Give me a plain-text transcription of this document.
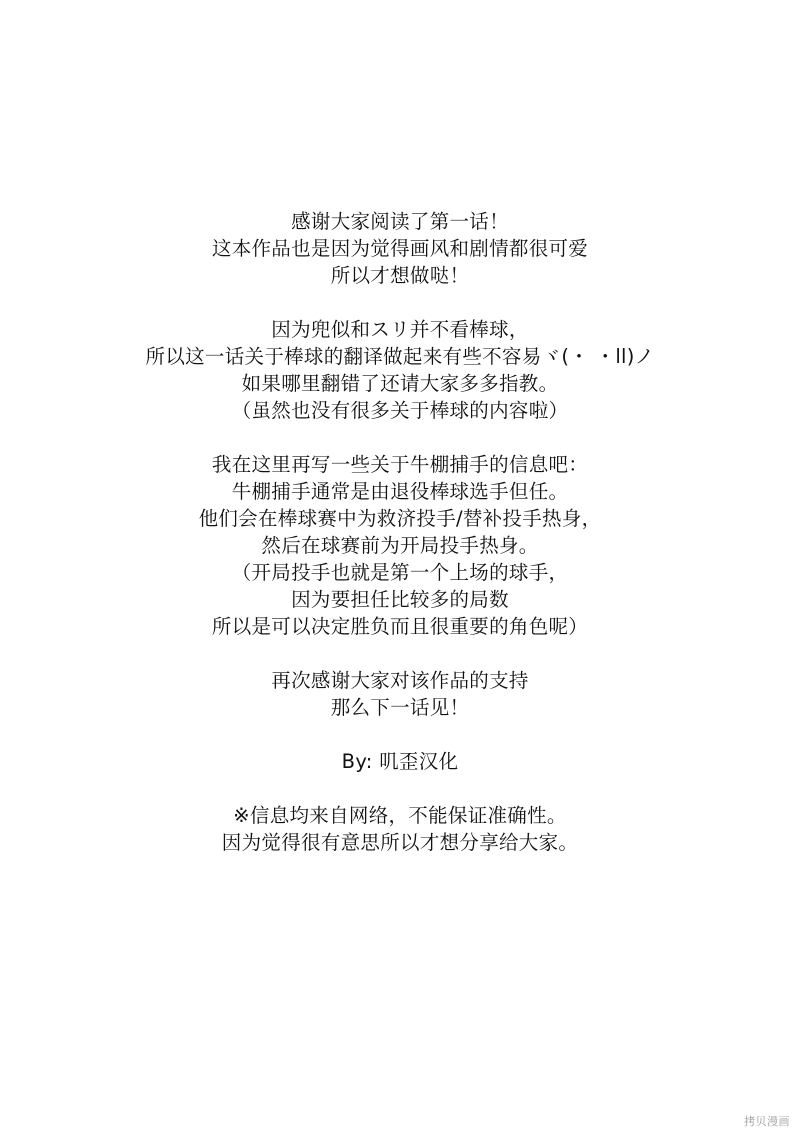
感谢大家阅读了第一话！
这本作品也是因为觉得画风和剧情都很可爱
所以才想做哒！
因为兜似和スリ并不看棒球，
所以这一话关于棒球的翻译做起来有些不容易ヾ(・ ・ll)ノ
如果哪里翻错了还请大家多多指教。
（虽然也没有很多关于棒球的内容啦）
我在这里再写一些关于牛棚捕手的信息吧：
牛棚捕手通常是由退役棒球选手但任。
他们会在棒球赛中为救济投手/替补投手热身，
然后在球赛前为开局投手热身。
（开局投手也就是第一个上场的球手，
因为要担任比较多的局数
所以是可以决定胜负而且很重要的角色呢）
再次感谢大家对该作品的支持
那么下一话见！
By: 叽歪汉化
※信息均来自网络，不能保证准确性。
因为觉得很有意思所以才想分享给大家。
拷贝漫画
